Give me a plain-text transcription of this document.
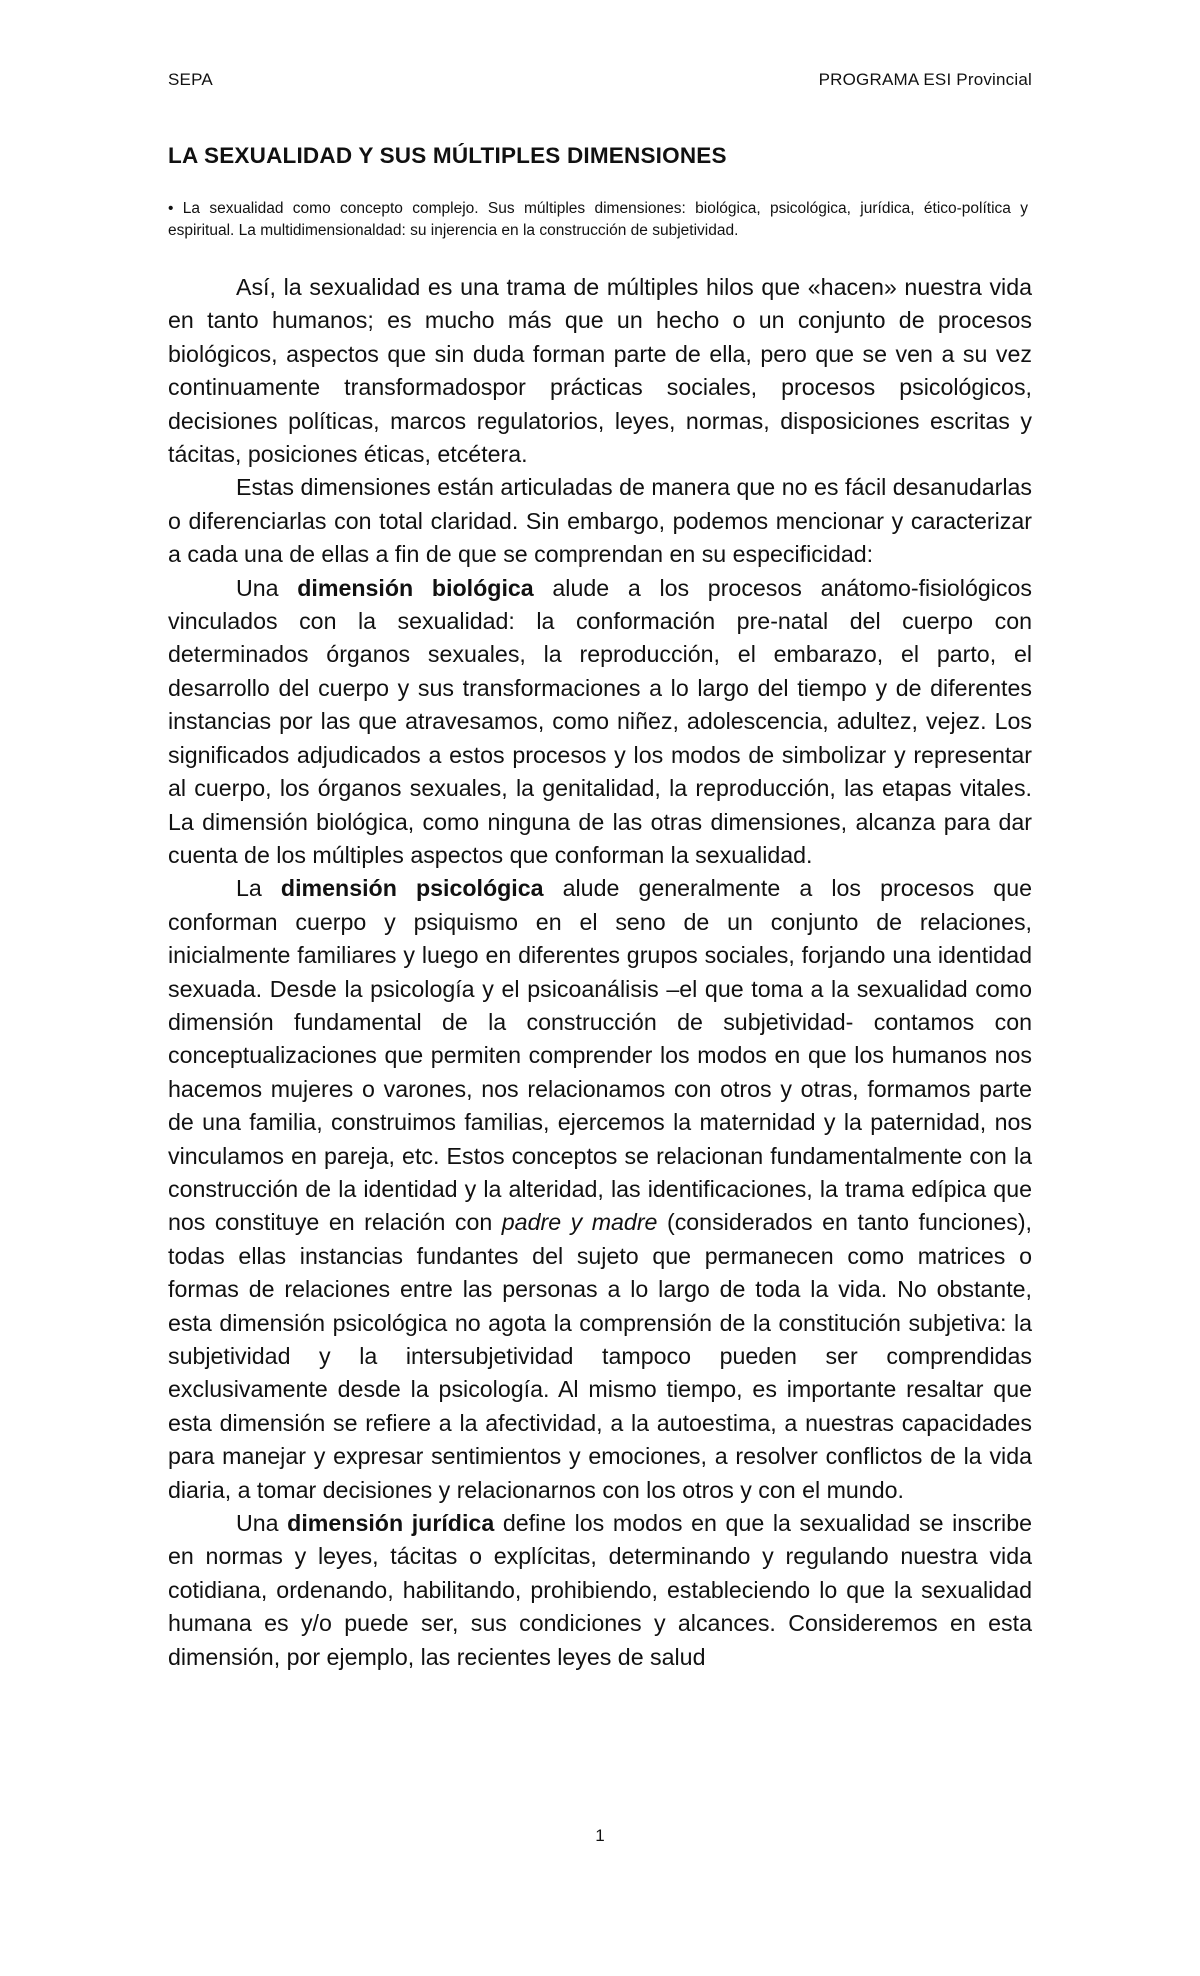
SEPA	PROGRAMA ESI Provincial
LA SEXUALIDAD Y SUS MÚLTIPLES DIMENSIONES

• La sexualidad como concepto complejo. Sus múltiples dimensiones: biológica, psicológica, jurídica, ético-política y espiritual. La multidimensionaldad: su injerencia en la construcción de subjetividad.

Así, la sexualidad es una trama de múltiples hilos que «hacen» nuestra vida en tanto humanos; es mucho más que un hecho o un conjunto de procesos biológicos, aspectos que sin duda forman parte de ella, pero que se ven a su vez continuamente transformadospor prácticas sociales, procesos psicológicos, decisiones políticas, marcos regulatorios, leyes, normas, disposiciones escritas y tácitas, posiciones éticas, etcétera.

Estas dimensiones están articuladas de manera que no es fácil desanudarlas o diferenciarlas con total claridad. Sin embargo, podemos mencionar y caracterizar a cada una de ellas a fin de que se comprendan en su especificidad:

Una dimensión biológica alude a los procesos anátomo-fisiológicos vinculados con la sexualidad: la conformación pre-natal del cuerpo con determinados órganos sexuales, la reproducción, el embarazo, el parto, el desarrollo del cuerpo y sus transformaciones a lo largo del tiempo y de diferentes instancias por las que atravesamos, como niñez, adolescencia, adultez, vejez. Los significados adjudicados a estos procesos y los modos de simbolizar y representar al cuerpo, los órganos sexuales, la genitalidad, la reproducción, las etapas vitales. La dimensión biológica, como ninguna de las otras dimensiones, alcanza para dar cuenta de los múltiples aspectos que conforman la sexualidad.

La dimensión psicológica alude generalmente a los procesos que conforman cuerpo y psiquismo en el seno de un conjunto de relaciones, inicialmente familiares y luego en diferentes grupos sociales, forjando una identidad sexuada. Desde la psicología y el psicoanálisis –el que toma a la sexualidad como dimensión fundamental de la construcción de subjetividad- contamos con conceptualizaciones que permiten comprender los modos en que los humanos nos hacemos mujeres o varones, nos relacionamos con otros y otras, formamos parte de una familia, construimos familias, ejercemos la maternidad y la paternidad, nos vinculamos en pareja, etc. Estos conceptos se relacionan fundamentalmente con la construcción de la identidad y la alteridad, las identificaciones, la trama edípica que nos constituye en relación con padre y madre (considerados en tanto funciones), todas ellas instancias fundantes del sujeto que permanecen como matrices o formas de relaciones entre las personas a lo largo de toda la vida. No obstante, esta dimensión psicológica no agota la comprensión de la constitución subjetiva: la subjetividad y la intersubjetividad tampoco pueden ser comprendidas exclusivamente desde la psicología. Al mismo tiempo, es importante resaltar que esta dimensión se refiere a la afectividad, a la autoestima, a nuestras capacidades para manejar y expresar sentimientos y emociones, a resolver conflictos de la vida diaria, a tomar decisiones y relacionarnos con los otros y con el mundo.

Una dimensión jurídica define los modos en que la sexualidad se inscribe en normas y leyes, tácitas o explícitas, determinando y regulando nuestra vida cotidiana, ordenando, habilitando, prohibiendo, estableciendo lo que la sexualidad humana es y/o puede ser, sus condiciones y alcances. Consideremos en esta dimensión, por ejemplo, las recientes leyes de salud

1
